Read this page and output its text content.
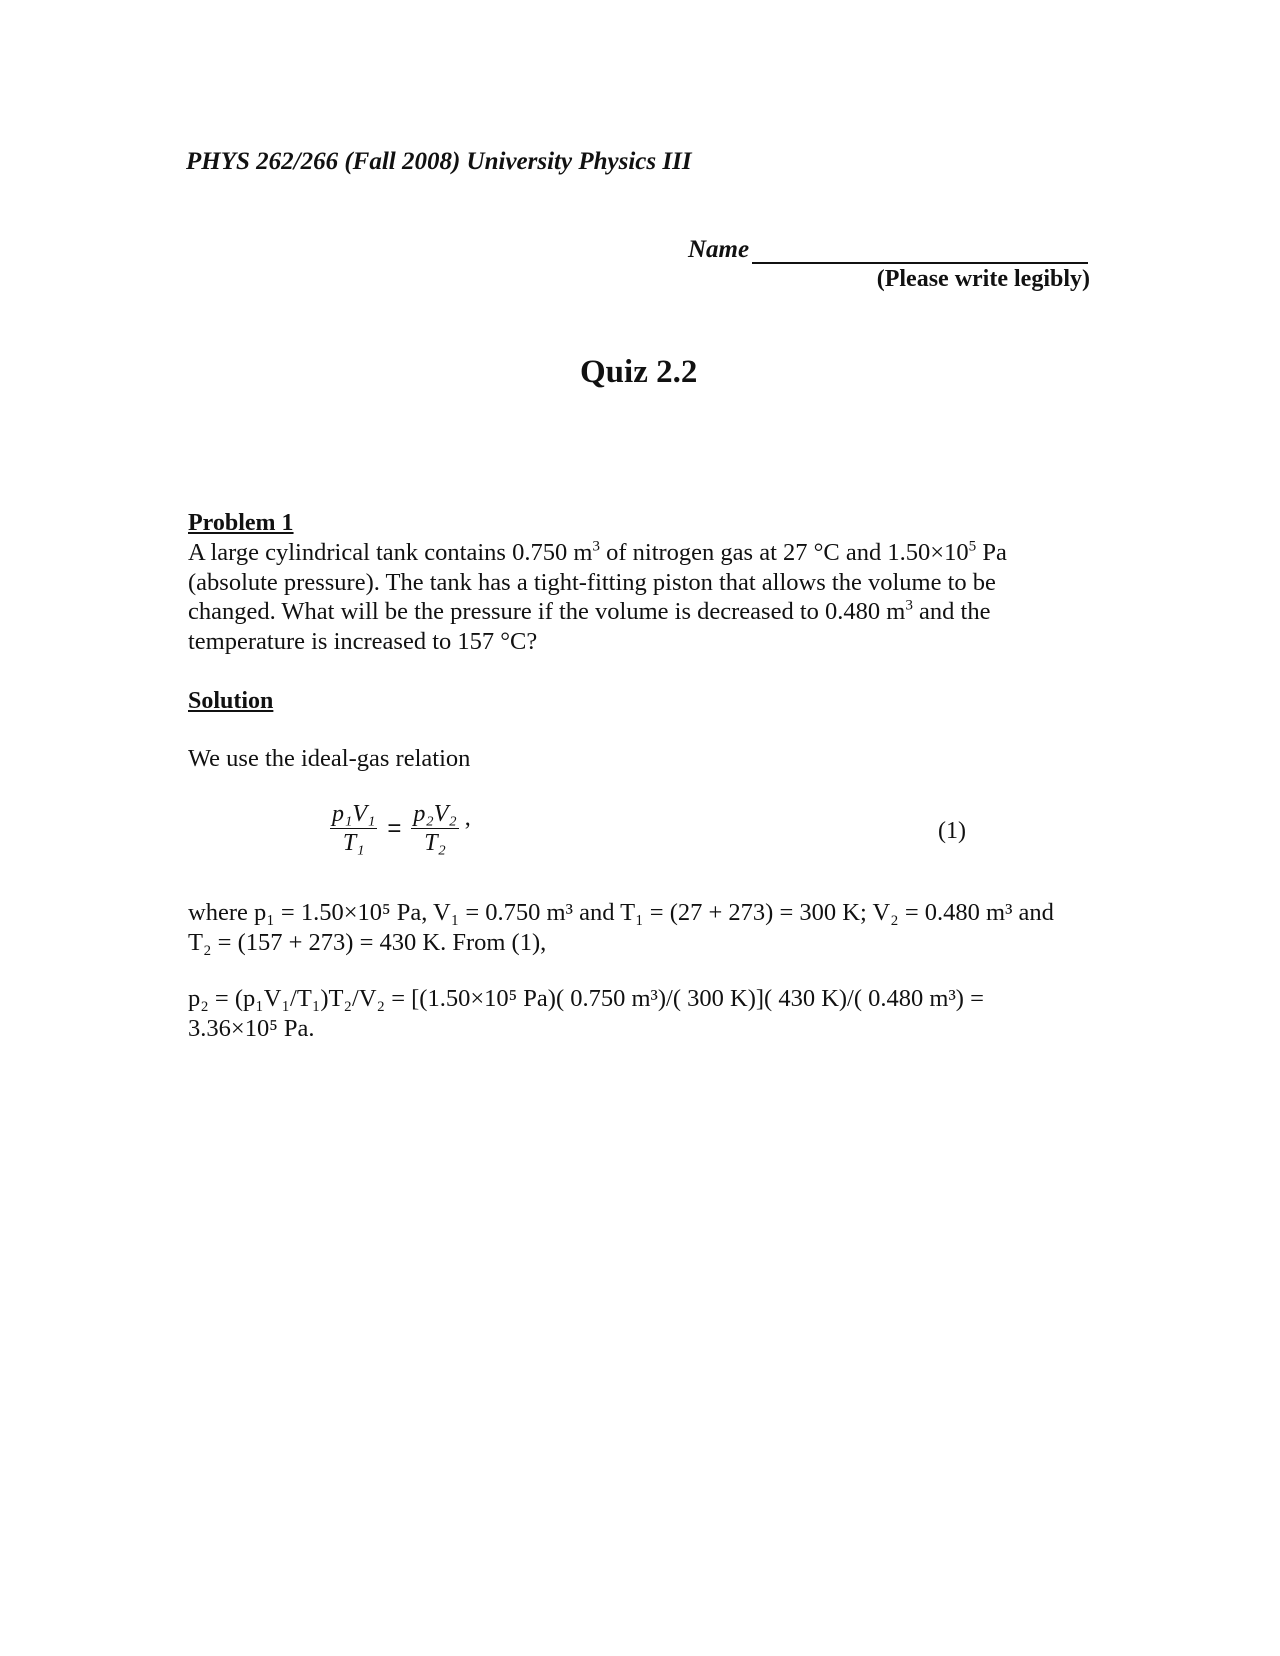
PHYS 262/266 (Fall 2008) University Physics III
Name
(Please write legibly)
Quiz 2.2
Problem 1
A large cylindrical tank contains 0.750 $m^3$ of nitrogen gas at 27 °C and $1.50\times 10^5$ Pa
(absolute pressure). The tank has a tight-fitting piston that allows the volume to be
changed. What will be the pressure if the volume is decreased to 0.480 $m^3$ and the
temperature is increased to 157 °C?
Solution
We use the ideal-gas relation
$\frac{\text{p₁V₁}}{\text{T₁}} = \frac{\text{p₂V₂}}{\text{T₂}}$ ,	(1)
where p₁ = 1.50×10⁵ Pa, V₁ = 0.750 m³ and T₁ = (27 + 273) = 300 K; V₂ = 0.480 m³ and
T₂ = (157 + 273) = 430 K. From (1),
p₂ = (p₁V₁/T₁)T₂/V₂ = [(1.50×10⁵ Pa)( 0.750 m³)/( 300 K)]( 430 K)/( 0.480 m³) =
3.36×10⁵ Pa.
